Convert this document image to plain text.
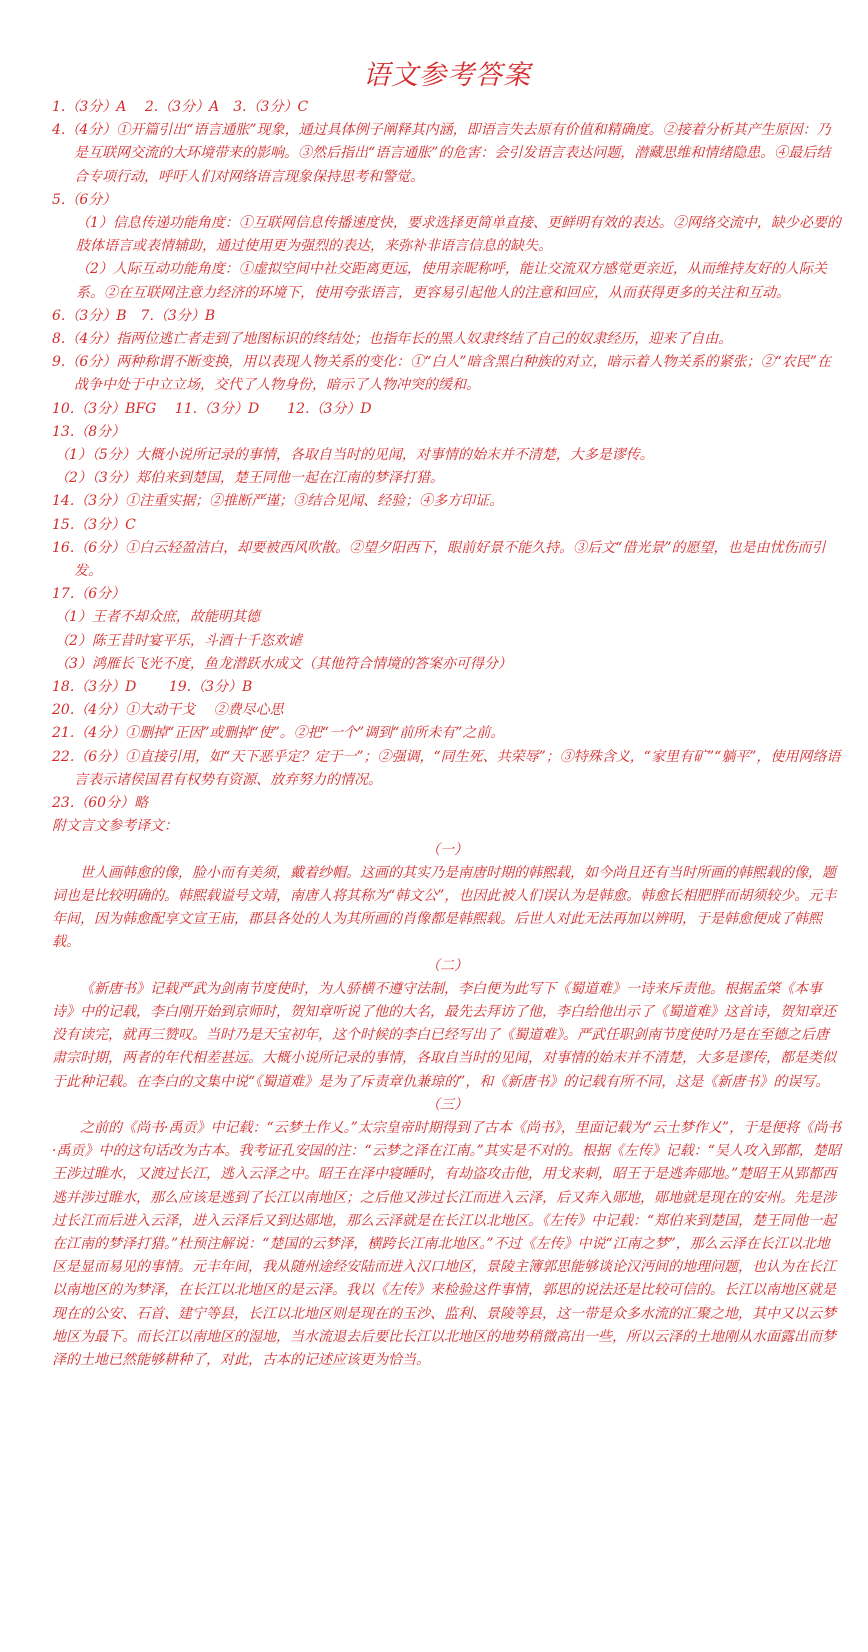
语文参考答案

1.（3分）A　 2.（3分）A　3.（3分）C

4.（4分）①开篇引出“语言通胀”现象，通过具体例子阐释其内涵，即语言失去原有价值和精确度。②接着分析其产生原因：乃是互联网交流的大环境带来的影响。③然后指出“语言通胀”的危害：会引发语言表达问题，潜藏思维和情绪隐患。④最后结合专项行动，呼吁人们对网络语言现象保持思考和警觉。

5.（6分）

（1）信息传递功能角度：①互联网信息传播速度快，要求选择更简单直接、更鲜明有效的表达。②网络交流中，缺少必要的肢体语言或表情辅助，通过使用更为强烈的表达，来弥补非语言信息的缺失。

（2）人际互动功能角度：①虚拟空间中社交距离更远，使用亲昵称呼，能让交流双方感觉更亲近，从而维持友好的人际关系。②在互联网注意力经济的环境下，使用夸张语言，更容易引起他人的注意和回应，从而获得更多的关注和互动。

6.（3分）B　7.（3分）B

8.（4分）指两位逃亡者走到了地图标识的终结处；也指年长的黑人奴隶终结了自己的奴隶经历，迎来了自由。

9.（6分）两种称谓不断变换，用以表现人物关系的变化：①“白人”暗含黑白种族的对立，暗示着人物关系的紧张；②“农民”在战争中处于中立立场，交代了人物身份，暗示了人物冲突的缓和。

10.（3分）BFG　 11.（3分）D　　12.（3分）D

13.（8分）

（1）（5分）大概小说所记录的事情，各取自当时的见闻，对事情的始末并不清楚，大多是谬传。

（2）（3分）郑伯来到楚国，楚王同他一起在江南的梦泽打猎。

14.（3分）①注重实据；②推断严谨；③结合见闻、经验；④多方印证。

15.（3分）C

16.（6分）①白云轻盈洁白，却要被西风吹散。②望夕阳西下，眼前好景不能久持。③后文“借光景”的愿望，也是由忧伤而引发。

17.（6分）

（1）王者不却众庶，故能明其德

（2）陈王昔时宴平乐，斗酒十千恣欢谑

（3）鸿雁长飞光不度，鱼龙潜跃水成文（其他符合情境的答案亦可得分）

18.（3分）D　　 19.（3分）B

20.（4分）①大动干戈　 ②费尽心思

21.（4分）①删掉“正因”或删掉“使”。②把“一个”调到“前所未有”之前。

22.（6分）①直接引用，如“天下恶乎定？定于一”；②强调，“同生死、共荣辱”；③特殊含义，“家里有矿”“躺平”，使用网络语言表示诸侯国君有权势有资源、放弃努力的情况。

23.（60分）略

附文言文参考译文：

（一）

世人画韩愈的像，脸小而有美须，戴着纱帽。这画的其实乃是南唐时期的韩熙载，如今尚且还有当时所画的韩熙载的像，题词也是比较明确的。韩熙载谥号文靖，南唐人将其称为“韩文公”，也因此被人们误认为是韩愈。韩愈长相肥胖而胡须较少。元丰年间，因为韩愈配享文宣王庙，郡县各处的人为其所画的肖像都是韩熙载。后世人对此无法再加以辨明，于是韩愈便成了韩熙载。

（二）

《新唐书》记载严武为剑南节度使时，为人骄横不遵守法制，李白便为此写下《蜀道难》一诗来斥责他。根据孟棨《本事诗》中的记载，李白刚开始到京师时，贺知章听说了他的大名，最先去拜访了他，李白给他出示了《蜀道难》这首诗，贺知章还没有读完，就再三赞叹。当时乃是天宝初年，这个时候的李白已经写出了《蜀道难》。严武任职剑南节度使时乃是在至德之后唐肃宗时期，两者的年代相差甚远。大概小说所记录的事情，各取自当时的见闻，对事情的始末并不清楚，大多是谬传，都是类似于此种记载。在李白的文集中说“《蜀道难》是为了斥责章仇兼琼的”，和《新唐书》的记载有所不同，这是《新唐书》的误写。

（三）

之前的《尚书·禹贡》中记载：“云梦土作乂。”太宗皇帝时期得到了古本《尚书》，里面记载为“云土梦作乂”，于是便将《尚书·禹贡》中的这句话改为古本。我考证孔安国的注：“云梦之泽在江南。”其实是不对的。根据《左传》记载：“吴人攻入郢都，楚昭王涉过睢水，又渡过长江，逃入云泽之中。昭王在泽中寝睡时，有劫盗攻击他，用戈来刺，昭王于是逃奔郧地。”楚昭王从郢都西逃并涉过睢水，那么应该是逃到了长江以南地区；之后他又涉过长江而进入云泽，后又奔入郧地，郧地就是现在的安州。先是涉过长江而后进入云泽，进入云泽后又到达郧地，那么云泽就是在长江以北地区。《左传》中记载：“郑伯来到楚国，楚王同他一起在江南的梦泽打猎。”杜预注解说：“楚国的云梦泽，横跨长江南北地区。”不过《左传》中说“江南之梦”，那么云泽在长江以北地区是显而易见的事情。元丰年间，我从随州途经安陆而进入汉口地区，景陵主簿郭思能够谈论汉沔间的地理问题，也认为在长江以南地区的为梦泽，在长江以北地区的是云泽。我以《左传》来检验这件事情，郭思的说法还是比较可信的。长江以南地区就是现在的公安、石首、建宁等县，长江以北地区则是现在的玉沙、监利、景陵等县，这一带是众多水流的汇聚之地，其中又以云梦地区为最下。而长江以南地区的湿地，当水流退去后要比长江以北地区的地势稍微高出一些，所以云泽的土地刚从水面露出而梦泽的土地已然能够耕种了，对此，古本的记述应该更为恰当。
